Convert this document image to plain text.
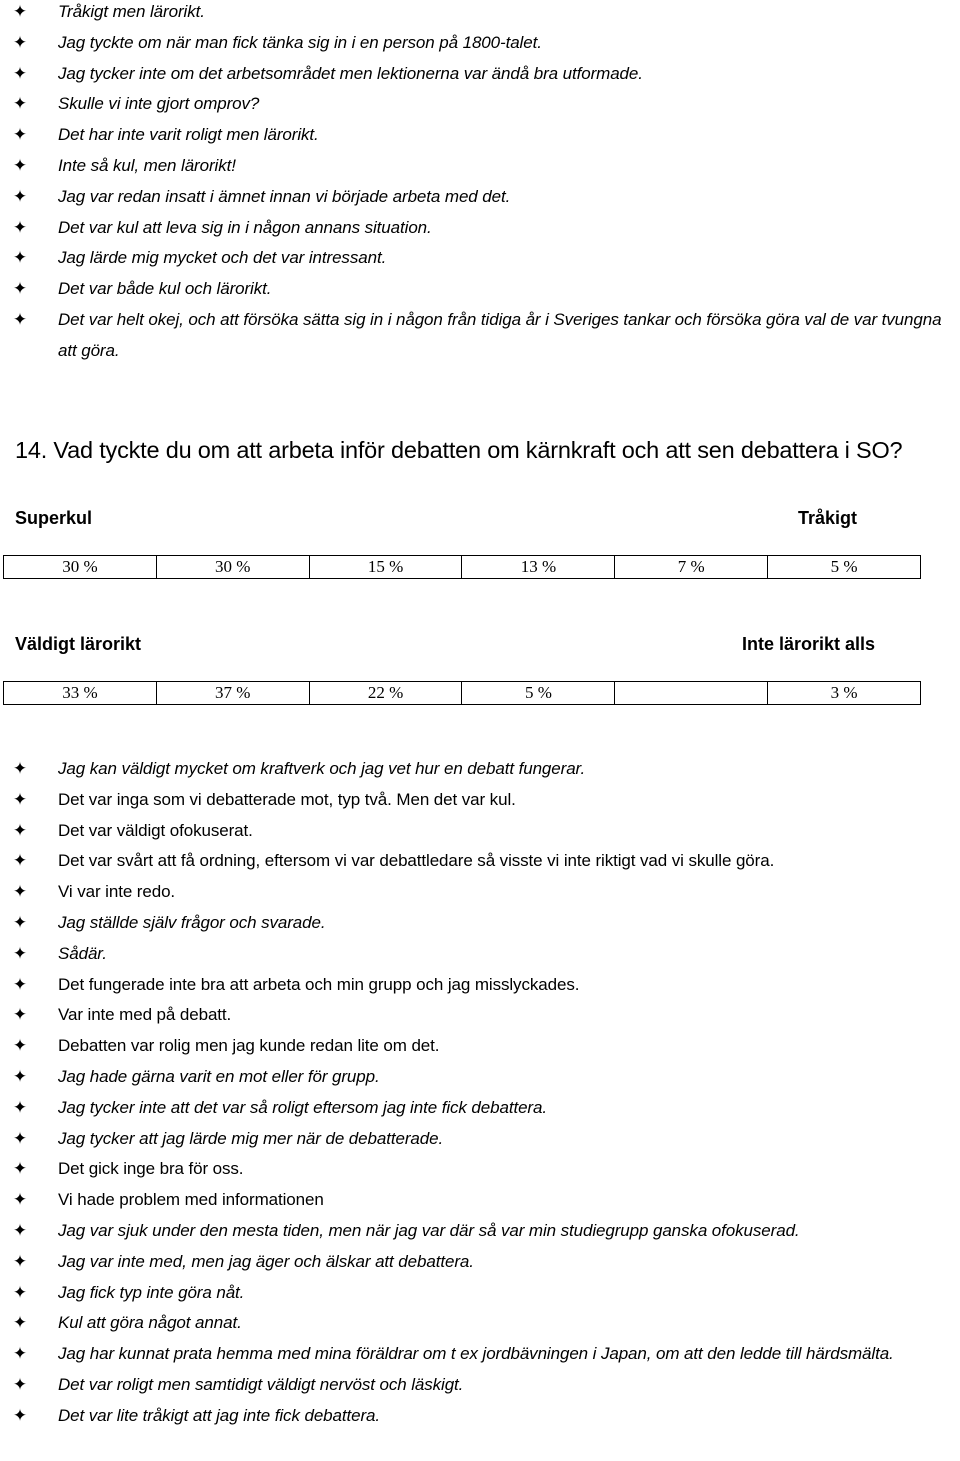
✦ Tråkigt men lärorikt.
✦ Jag tyckte om när man fick tänka sig in i en person på 1800-talet.
✦ Jag tycker inte om det arbetsområdet men lektionerna var ändå bra utformade.
✦ Skulle vi inte gjort omprov?
✦ Det har inte varit roligt men lärorikt.
✦ Inte så kul, men lärorikt!
✦ Jag var redan insatt i ämnet innan vi började arbeta med det.
✦ Det var kul att leva sig in i någon annans situation.
✦ Jag lärde mig mycket och det var intressant.
✦ Det var både kul och lärorikt.
✦ Det var helt okej, och att försöka sätta sig in i någon från tidiga år i Sveriges tankar och försöka göra val de var tvungna att göra.
14. Vad tyckte du om att arbeta inför debatten om kärnkraft och att sen debattera i SO?
Superkul	Tråkigt
30 %	30 %	15 %	13 %	7 %	5 %
Väldigt lärorikt	Inte lärorikt alls
33 %	37 %	22 %	5 %		3 %
✦ Jag kan väldigt mycket om kraftverk och jag vet hur en debatt fungerar.
✦ Det var inga som vi debatterade mot, typ två. Men det var kul.
✦ Det var väldigt ofokuserat.
✦ Det var svårt att få ordning, eftersom vi var debattledare så visste vi inte riktigt vad vi skulle göra.
✦ Vi var inte redo.
✦ Jag ställde själv frågor och svarade.
✦ Sådär.
✦ Det fungerade inte bra att arbeta och min grupp och jag misslyckades.
✦ Var inte med på debatt.
✦ Debatten var rolig men jag kunde redan lite om det.
✦ Jag hade gärna varit en mot eller för grupp.
✦ Jag tycker inte att det var så roligt eftersom jag inte fick debattera.
✦ Jag tycker att jag lärde mig mer när de debatterade.
✦ Det gick inge bra för oss.
✦ Vi hade problem med informationen
✦ Jag var sjuk under den mesta tiden, men när jag var där så var min studiegrupp ganska ofokuserad.
✦ Jag var inte med, men jag äger och älskar att debattera.
✦ Jag fick typ inte göra nåt.
✦ Kul att göra något annat.
✦ Jag har kunnat prata hemma med mina föräldrar om t ex jordbävningen i Japan, om att den ledde till härdsmälta.
✦ Det var roligt men samtidigt väldigt nervöst och läskigt.
✦ Det var lite tråkigt att jag inte fick debattera.
